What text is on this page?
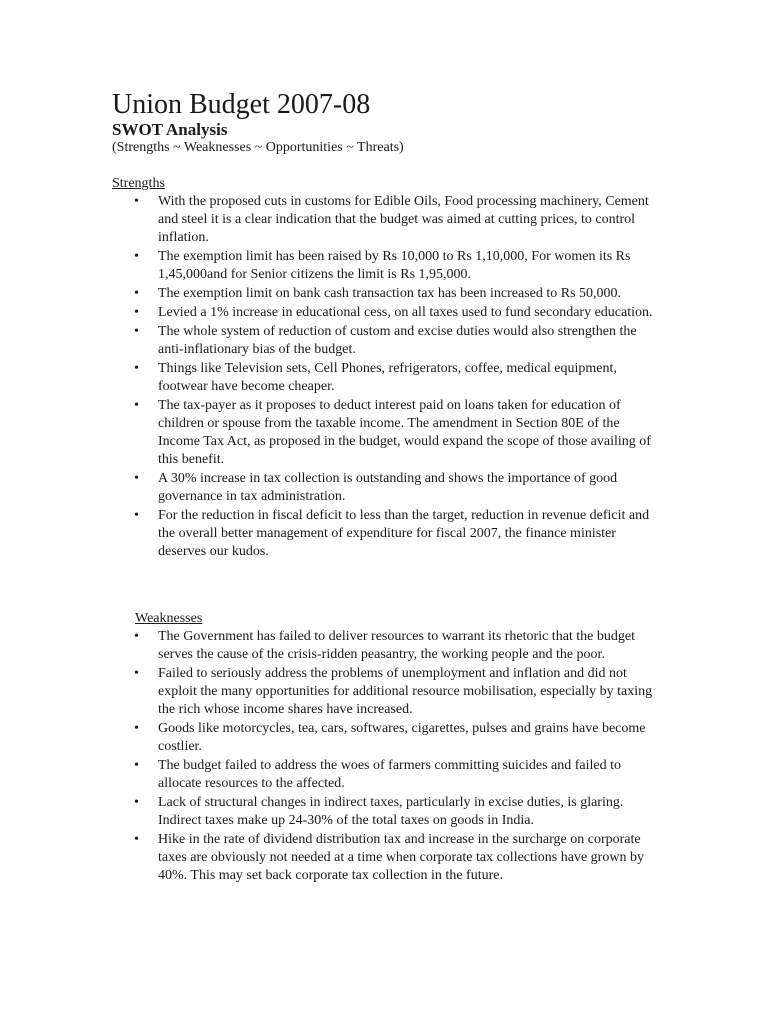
Union Budget 2007-08
SWOT Analysis
(Strengths ~ Weaknesses ~ Opportunities ~ Threats)

Strengths

• With the proposed cuts in customs for Edible Oils, Food processing machinery, Cement and steel it is a clear indication that the budget was aimed at cutting prices, to control inflation.
• The exemption limit has been raised by Rs 10,000 to Rs 1,10,000, For women its Rs 1,45,000and for Senior citizens the limit is Rs 1,95,000.
• The exemption limit on bank cash transaction tax has been increased to Rs 50,000.
• Levied a 1% increase in educational cess, on all taxes used to fund secondary education.
• The whole system of reduction of custom and excise duties would also strengthen the anti-inflationary bias of the budget.
• Things like Television sets, Cell Phones, refrigerators, coffee, medical equipment, footwear have become cheaper.
• The tax-payer as it proposes to deduct interest paid on loans taken for education of children or spouse from the taxable income. The amendment in Section 80E of the Income Tax Act, as proposed in the budget, would expand the scope of those availing of this benefit.
• A 30% increase in tax collection is outstanding and shows the importance of good governance in tax administration.
• For the reduction in fiscal deficit to less than the target, reduction in revenue deficit and the overall better management of expenditure for fiscal 2007, the finance minister deserves our kudos.

Weaknesses

• The Government has failed to deliver resources to warrant its rhetoric that the budget serves the cause of the crisis-ridden peasantry, the working people and the poor.
• Failed to seriously address the problems of unemployment and inflation and did not exploit the many opportunities for additional resource mobilisation, especially by taxing the rich whose income shares have increased.
• Goods like motorcycles, tea, cars, softwares, cigarettes, pulses and grains have become costlier.
• The budget failed to address the woes of farmers committing suicides and failed to allocate resources to the affected.
• Lack of structural changes in indirect taxes, particularly in excise duties, is glaring. Indirect taxes make up 24-30% of the total taxes on goods in India.
• Hike in the rate of dividend distribution tax and increase in the surcharge on corporate taxes are obviously not needed at a time when corporate tax collections have grown by 40%. This may set back corporate tax collection in the future.
